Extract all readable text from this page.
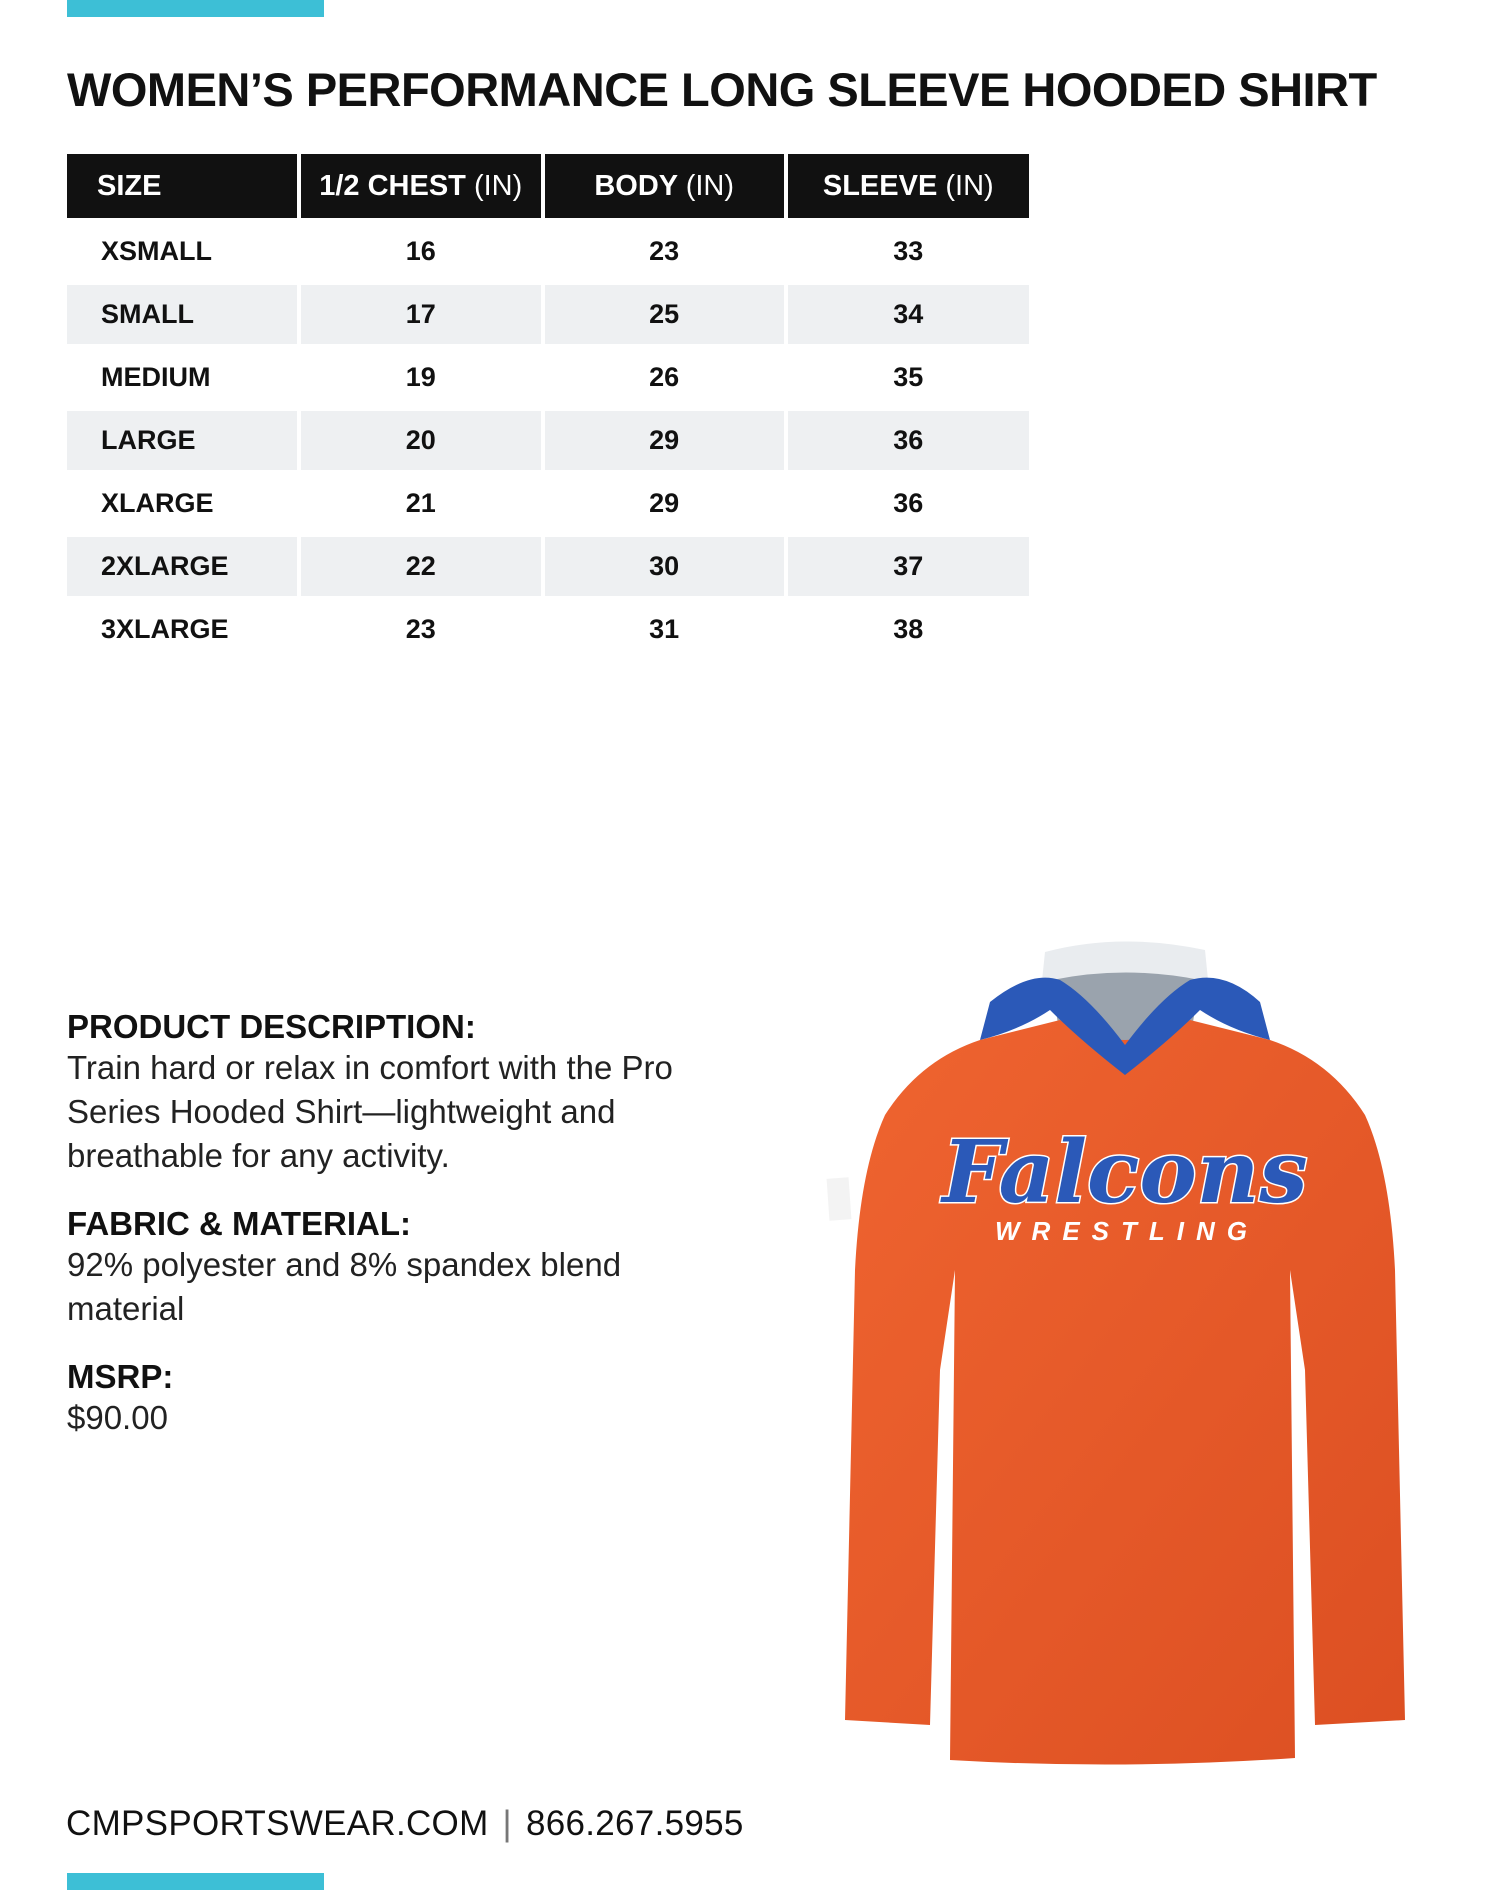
WOMEN’S PERFORMANCE LONG SLEEVE HOODED SHIRT
SIZE	1/2 CHEST (IN)	BODY (IN)	SLEEVE (IN)
XSMALL	16	23	33
SMALL	17	25	34
MEDIUM	19	26	35
LARGE	20	29	36
XLARGE	21	29	36
2XLARGE	22	30	37
3XLARGE	23	31	38
PRODUCT DESCRIPTION:

Train hard or relax in comfort with the Pro Series Hooded Shirt—lightweight and breathable for any activity.

FABRIC & MATERIAL:

92% polyester and 8% spandex blend material

MSRP:

$90.00

Falcons
WRESTLING
CMPSPORTSWEAR.COM | 866.267.5955
